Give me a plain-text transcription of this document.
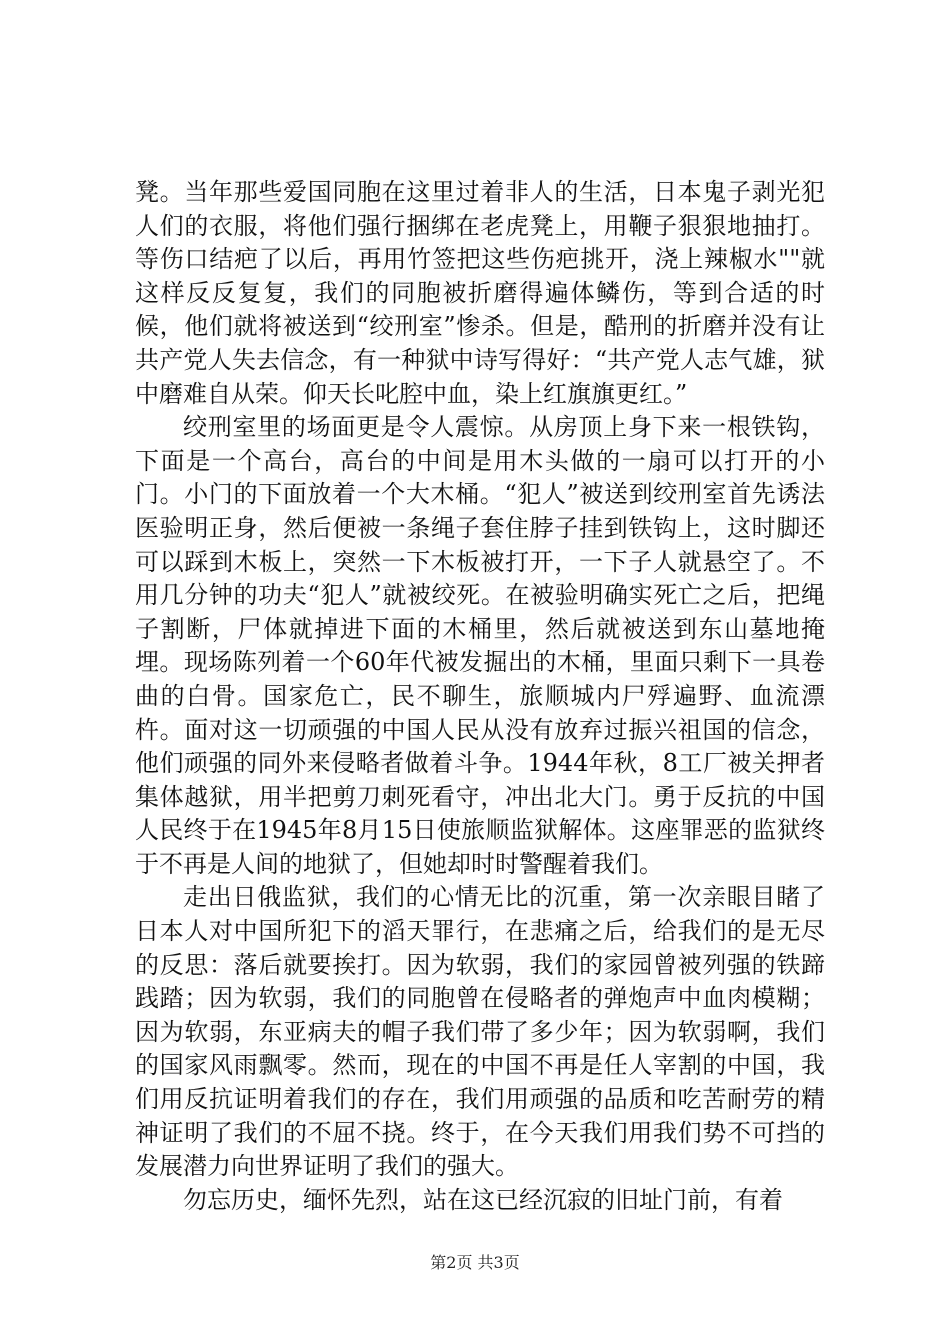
凳。当年那些爱国同胞在这里过着非人的生活，日本鬼子剥光犯人们的衣服，将他们强行捆绑在老虎凳上，用鞭子狠狠地抽打。等伤口结疤了以后，再用竹签把这些伤疤挑开，浇上辣椒水""就这样反反复复，我们的同胞被折磨得遍体鳞伤，等到合适的时候，他们就将被送到“绞刑室”惨杀。但是，酷刑的折磨并没有让共产党人失去信念，有一种狱中诗写得好：“共产党人志气雄，狱中磨难自从荣。仰天长叱腔中血，染上红旗旗更红。”

绞刑室里的场面更是令人震惊。从房顶上身下来一根铁钩，下面是一个高台，高台的中间是用木头做的一扇可以打开的小门。小门的下面放着一个大木桶。“犯人”被送到绞刑室首先诱法医验明正身，然后便被一条绳子套住脖子挂到铁钩上，这时脚还可以踩到木板上，突然一下木板被打开，一下子人就悬空了。不用几分钟的功夫“犯人”就被绞死。在被验明确实死亡之后，把绳子割断，尸体就掉进下面的木桶里，然后就被送到东山墓地掩埋。现场陈列着一个60年代被发掘出的木桶，里面只剩下一具卷曲的白骨。国家危亡，民不聊生，旅顺城内尸殍遍野、血流漂杵。面对这一切顽强的中国人民从没有放弃过振兴祖国的信念，他们顽强的同外来侵略者做着斗争。1944年秋，8工厂被关押者集体越狱，用半把剪刀刺死看守，冲出北大门。勇于反抗的中国人民终于在1945年8月15日使旅顺监狱解体。这座罪恶的监狱终于不再是人间的地狱了，但她却时时警醒着我们。

走出日俄监狱，我们的心情无比的沉重，第一次亲眼目睹了日本人对中国所犯下的滔天罪行，在悲痛之后，给我们的是无尽的反思：落后就要挨打。因为软弱，我们的家园曾被列强的铁蹄践踏；因为软弱，我们的同胞曾在侵略者的弹炮声中血肉模糊；因为软弱，东亚病夫的帽子我们带了多少年；因为软弱啊，我们的国家风雨飘零。然而，现在的中国不再是任人宰割的中国，我们用反抗证明着我们的存在，我们用顽强的品质和吃苦耐劳的精神证明了我们的不屈不挠。终于，在今天我们用我们势不可挡的发展潜力向世界证明了我们的强大。

勿忘历史，缅怀先烈，站在这已经沉寂的旧址门前，有着

第2页 共3页
